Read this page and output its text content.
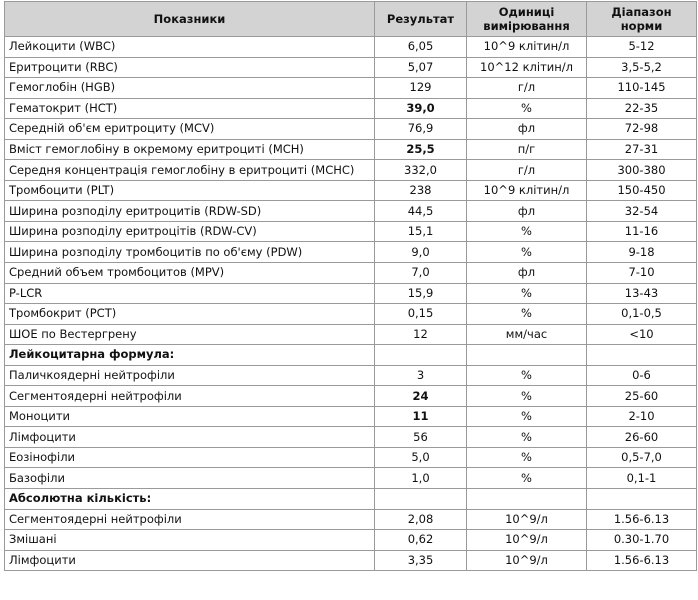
Показники	Результат	Одиниці вимірювання	Діапазон норми
Лейкоцити (WBC)	6,05	10^9 клітин/л	5-12
Еритроцити (RBC)	5,07	10^12 клітин/л	3,5-5,2
Гемоглобін (HGB)	129	г/л	110-145
Гематокрит (HCT)	39,0	%	22-35
Середній об'єм еритроциту (MCV)	76,9	фл	72-98
Вміст гемоглобіну в окремому еритроциті (MCH)	25,5	п/г	27-31
Середня концентрація гемоглобіну в еритроциті (MCHC)	332,0	г/л	300-380
Тромбоцити (PLT)	238	10^9 клітин/л	150-450
Ширина розподілу еритроцитів (RDW-SD)	44,5	фл	32-54
Ширина розподілу еритроцітів (RDW-CV)	15,1	%	11-16
Ширина розподілу тромбоцитів по об'єму (PDW)	9,0	%	9-18
Средний объем тромбоцитов (MPV)	7,0	фл	7-10
P-LCR	15,9	%	13-43
Тромбокрит (PCT)	0,15	%	0,1-0,5
ШОЕ по Вестергрену	12	мм/час	<10
Лейкоцитарна формула:			
Паличкоядерні нейтрофіли	3	%	0-6
Сегментоядерні нейтрофіли	24	%	25-60
Моноцити	11	%	2-10
Лімфоцити	56	%	26-60
Еозінофіли	5,0	%	0,5-7,0
Базофіли	1,0	%	0,1-1
Абсолютна кількість:			
Сегментоядерні нейтрофіли	2,08	10^9/л	1.56-6.13
Змішані	0,62	10^9/л	0.30-1.70
Лімфоцити	3,35	10^9/л	1.56-6.13
